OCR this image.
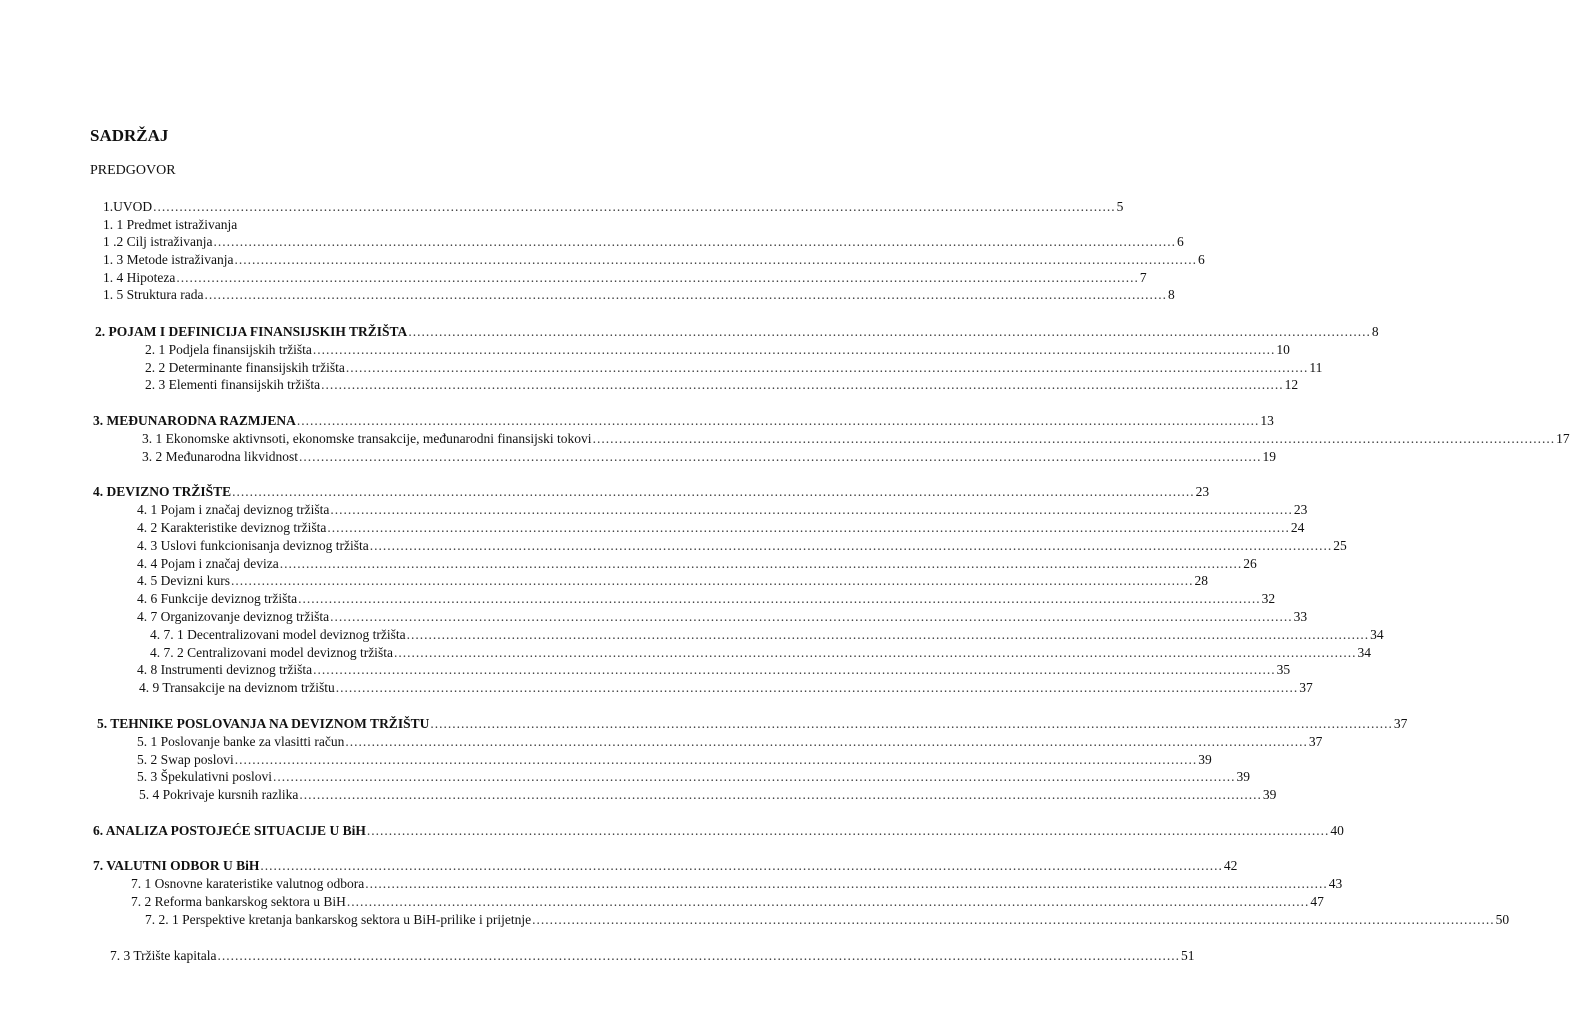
SADRŽAJ
PREDGOVOR
1.UVOD ............................................................................................................................................................................................................................ 5
1. 1 Predmet istraživanja
1 .2 Cilj istraživanja ............................................................................................................................................................................................................................ 6
1. 3 Metode istraživanja ............................................................................................................................................................................................................................ 6
1. 4 Hipoteza ............................................................................................................................................................................................................................ 7
1. 5 Struktura rada ............................................................................................................................................................................................................................ 8
2. POJAM I DEFINICIJA FINANSIJSKIH TRŽIŠTA ............................................................................................................................................................................................................................ 8
2. 1 Podjela finansijskih tržišta ............................................................................................................................................................................................................................ 10
2. 2 Determinante finansijskih tržišta ............................................................................................................................................................................................................................ 11
2. 3 Elementi finansijskih tržišta ............................................................................................................................................................................................................................ 12
3. MEĐUNARODNA RAZMJENA ............................................................................................................................................................................................................................ 13
3. 1 Ekonomske aktivnsoti, ekonomske transakcije, međunarodni finansijski tokovi ............................................................................................................................................................................................................................ 17
3. 2 Međunarodna likvidnost ............................................................................................................................................................................................................................ 19
4. DEVIZNO TRŽIŠTE ............................................................................................................................................................................................................................ 23
4. 1 Pojam i značaj deviznog tržišta ............................................................................................................................................................................................................................ 23
4. 2 Karakteristike deviznog tržišta ............................................................................................................................................................................................................................ 24
4. 3 Uslovi funkcionisanja deviznog tržišta ............................................................................................................................................................................................................................ 25
4. 4 Pojam i značaj deviza ............................................................................................................................................................................................................................ 26
4. 5 Devizni kurs ............................................................................................................................................................................................................................ 28
4. 6 Funkcije deviznog tržišta ............................................................................................................................................................................................................................ 32
4. 7 Organizovanje deviznog tržišta ............................................................................................................................................................................................................................ 33
4. 7. 1 Decentralizovani model deviznog tržišta ............................................................................................................................................................................................................................ 34
4. 7. 2 Centralizovani model deviznog tržišta ............................................................................................................................................................................................................................ 34
4. 8 Instrumenti deviznog tržišta ............................................................................................................................................................................................................................ 35
4. 9 Transakcije na deviznom tržištu ............................................................................................................................................................................................................................ 37
5. TEHNIKE POSLOVANJA NA DEVIZNOM TRŽIŠTU ............................................................................................................................................................................................................................ 37
5. 1 Poslovanje banke za vlasitti račun ............................................................................................................................................................................................................................ 37
5. 2 Swap poslovi ............................................................................................................................................................................................................................ 39
5. 3 Špekulativni poslovi ............................................................................................................................................................................................................................ 39
5. 4 Pokrivaje kursnih razlika ............................................................................................................................................................................................................................ 39
6. ANALIZA POSTOJEĆE SITUACIJE U BiH ............................................................................................................................................................................................................................ 40
7. VALUTNI ODBOR U BiH ............................................................................................................................................................................................................................ 42
7. 1 Osnovne karateristike valutnog odbora ............................................................................................................................................................................................................................ 43
7. 2 Reforma bankarskog sektora u BiH ............................................................................................................................................................................................................................ 47
7. 2. 1 Perspektive kretanja bankarskog sektora u BiH-prilike i prijetnje ............................................................................................................................................................................................................................ 50
7. 3 Tržište kapitala ............................................................................................................................................................................................................................ 51
